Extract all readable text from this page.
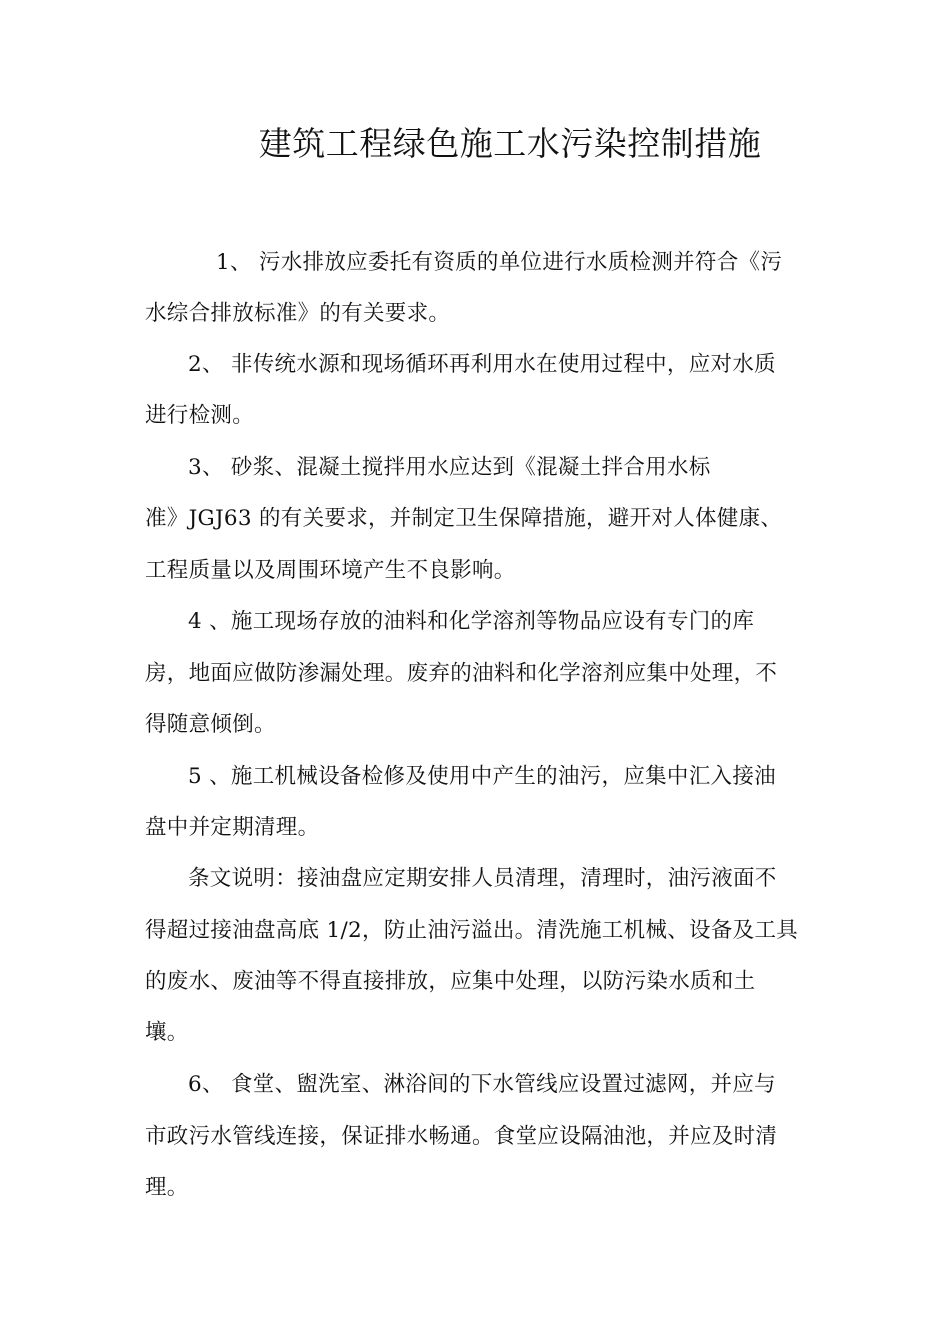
建筑工程绿色施工水污染控制措施
1、 污水排放应委托有资质的单位进行水质检测并符合《污
水综合排放标准》的有关要求。
2、 非传统水源和现场循环再利用水在使用过程中，应对水质
进行检测。
3、 砂浆、混凝土搅拌用水应达到《混凝土拌合用水标
准》JGJ63 的有关要求，并制定卫生保障措施，避开对人体健康、
工程质量以及周围环境产生不良影响。
4 、施工现场存放的油料和化学溶剂等物品应设有专门的库
房，地面应做防渗漏处理。废弃的油料和化学溶剂应集中处理，不
得随意倾倒。
5 、施工机械设备检修及使用中产生的油污，应集中汇入接油
盘中并定期清理。
条文说明：接油盘应定期安排人员清理，清理时，油污液面不
得超过接油盘高底 1/2，防止油污溢出。清洗施工机械、设备及工具
的废水、废油等不得直接排放，应集中处理，以防污染水质和土
壤。
6、 食堂、盥洗室、淋浴间的下水管线应设置过滤网，并应与
市政污水管线连接，保证排水畅通。食堂应设隔油池，并应及时清
理。
